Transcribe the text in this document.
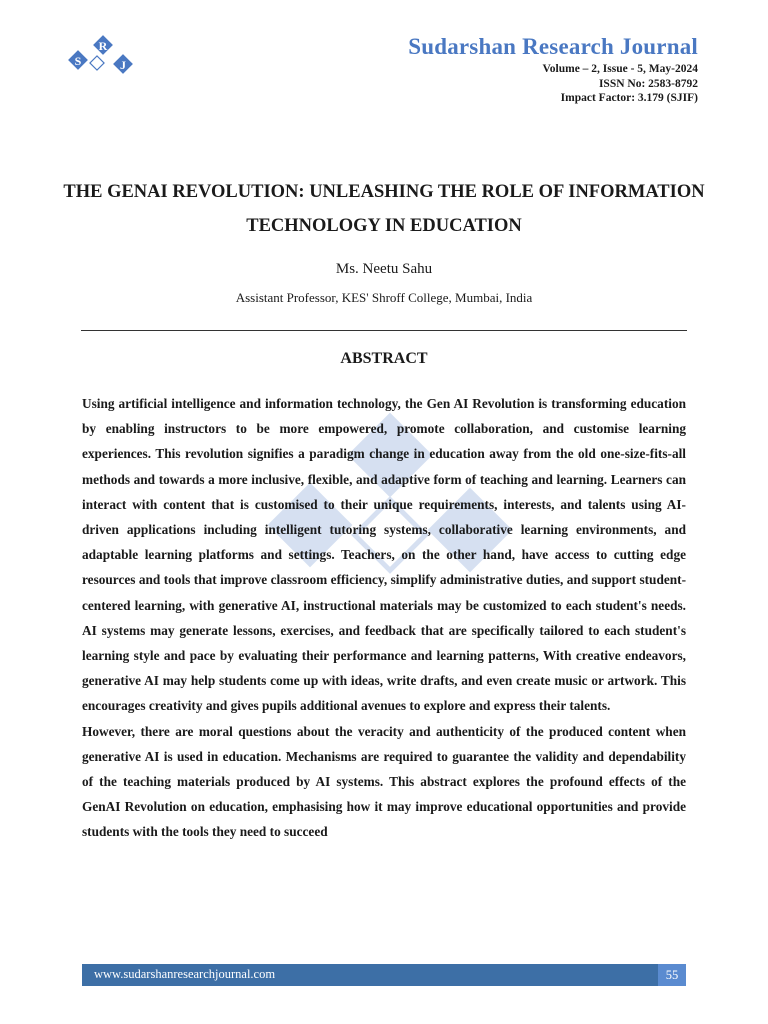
S
R
J
Sudarshan Research Journal
Volume – 2, Issue - 5, May-2024
ISSN No: 2583-8792
Impact Factor: 3.179 (SJIF)
THE GENAI REVOLUTION: UNLEASHING THE ROLE OF INFORMATION TECHNOLOGY IN EDUCATION
Ms. Neetu Sahu
Assistant Professor, KES' Shroff College, Mumbai, India
ABSTRACT

Using artificial intelligence and information technology, the Gen AI Revolution is transforming education by enabling instructors to be more empowered, promote collaboration, and customise learning experiences. This revolution signifies a paradigm change in education away from the old one-size-fits-all methods and towards a more inclusive, flexible, and adaptive form of teaching and learning. Learners can interact with content that is customised to their unique requirements, interests, and talents using AI-driven applications including intelligent tutoring systems, collaborative learning environments, and adaptable learning platforms and settings. Teachers, on the other hand, have access to cutting edge resources and tools that improve classroom efficiency, simplify administrative duties, and support student-centered learning, with generative AI, instructional materials may be customized to each student's needs. AI systems may generate lessons, exercises, and feedback that are specifically tailored to each student's learning style and pace by evaluating their performance and learning patterns, With creative endeavors, generative AI may help students come up with ideas, write drafts, and even create music or artwork. This encourages creativity and gives pupils additional avenues to explore and express their talents.

However, there are moral questions about the veracity and authenticity of the produced content when generative AI is used in education. Mechanisms are required to guarantee the validity and dependability of the teaching materials produced by AI systems. This abstract explores the profound effects of the GenAI Revolution on education, emphasising how it may improve educational opportunities and provide students with the tools they need to succeed

www.sudarshanresearchjournal.com	55
